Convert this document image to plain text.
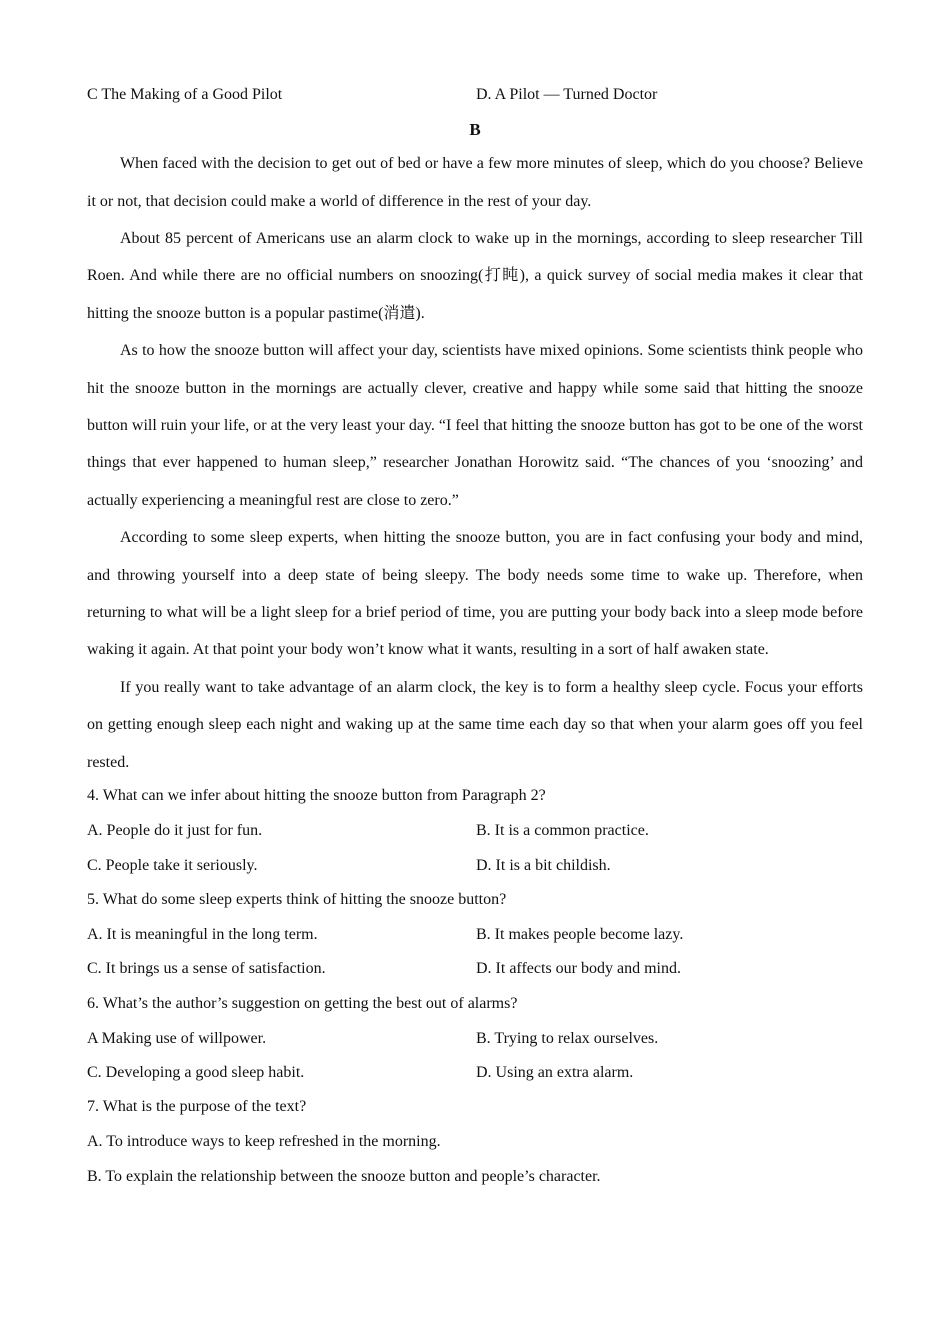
C The Making of a Good Pilot	D. A Pilot — Turned Doctor
B

When faced with the decision to get out of bed or have a few more minutes of sleep, which do you choose? Believe it or not, that decision could make a world of difference in the rest of your day.

About 85 percent of Americans use an alarm clock to wake up in the mornings, according to sleep researcher Till Roen. And while there are no official numbers on snoozing(打盹), a quick survey of social media makes it clear that hitting the snooze button is a popular pastime(消遣).

As to how the snooze button will affect your day, scientists have mixed opinions. Some scientists think people who hit the snooze button in the mornings are actually clever, creative and happy while some said that hitting the snooze button will ruin your life, or at the very least your day. “I feel that hitting the snooze button has got to be one of the worst things that ever happened to human sleep,” researcher Jonathan Horowitz said. “The chances of you ‘snoozing’ and actually experiencing a meaningful rest are close to zero.”

According to some sleep experts, when hitting the snooze button, you are in fact confusing your body and mind, and throwing yourself into a deep state of being sleepy. The body needs some time to wake up. Therefore, when returning to what will be a light sleep for a brief period of time, you are putting your body back into a sleep mode before waking it again. At that point your body won’t know what it wants, resulting in a sort of half awaken state.

If you really want to take advantage of an alarm clock, the key is to form a healthy sleep cycle. Focus your efforts on getting enough sleep each night and waking up at the same time each day so that when your alarm goes off you feel rested.

4. What can we infer about hitting the snooze button from Paragraph 2?
A. People do it just for fun.	B. It is a common practice.
C. People take it seriously.	D. It is a bit childish.
5. What do some sleep experts think of hitting the snooze button?
A. It is meaningful in the long term.	B. It makes people become lazy.
C. It brings us a sense of satisfaction.	D. It affects our body and mind.
6. What’s the author’s suggestion on getting the best out of alarms?
A Making use of willpower.	B. Trying to relax ourselves.
C. Developing a good sleep habit.	D. Using an extra alarm.
7. What is the purpose of the text?
A. To introduce ways to keep refreshed in the morning.
B. To explain the relationship between the snooze button and people’s character.
